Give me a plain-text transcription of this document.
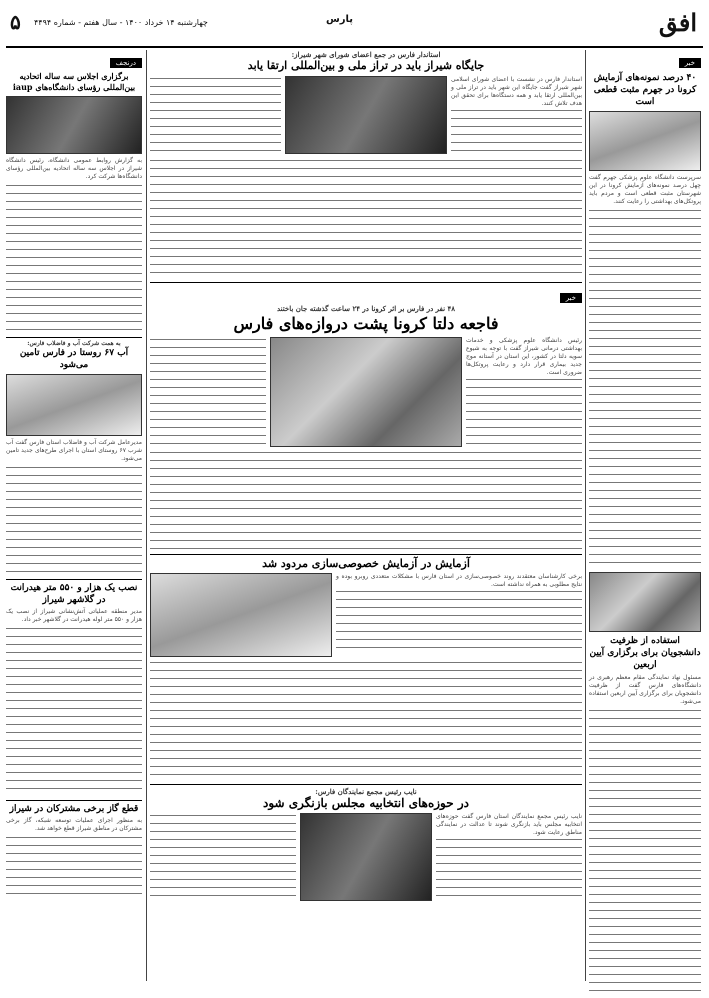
افق
پارس
چهارشنبه ۱۴ خرداد ۱۴۰۰ - سال هفتم - شماره ۴۴۹۴
۵
خبر
۴۰ درصد نمونه‌های آزمایش کرونا در جهرم مثبت قطعی است
سرپرست دانشگاه علوم پزشکی جهرم گفت چهل درصد نمونه‌های آزمایش کرونا در این شهرستان مثبت قطعی است و مردم باید پروتکل‌های بهداشتی را رعایت کنند.
استفاده از ظرفیت دانشجویان برای برگزاری آیین اربعین
مسئول نهاد نمایندگی مقام معظم رهبری در دانشگاه‌های فارس گفت از ظرفیت دانشجویان برای برگزاری آیین اربعین استفاده می‌شود.
استاندار فارس در جمع اعضای شورای شهر شیراز:
جایگاه شیراز باید در تراز ملی و بین‌المللی ارتقا یابد
استاندار فارس در نشست با اعضای شورای اسلامی شهر شیراز گفت جایگاه این شهر باید در تراز ملی و بین‌المللی ارتقا یابد و همه دستگاه‌ها برای تحقق این هدف تلاش کنند.
خبر
۴۸ نفر در فارس بر اثر کرونا در ۲۴ ساعت گذشته جان باختند
فاجعه دلتا کرونا پشت دروازه‌های فارس
رئیس دانشگاه علوم پزشکی و خدمات بهداشتی درمانی شیراز گفت با توجه به شیوع سویه دلتا در کشور، این استان در آستانه موج جدید بیماری قرار دارد و رعایت پروتکل‌ها ضروری است.
آزمایش در آزمایش خصوصی‌سازی مردود شد
برخی کارشناسان معتقدند روند خصوصی‌سازی در استان فارس با مشکلات متعددی روبرو بوده و نتایج مطلوبی به همراه نداشته است.
نایب رئیس مجمع نمایندگان فارس:
در حوزه‌های انتخابیه مجلس بازنگری شود
نایب رئیس مجمع نمایندگان استان فارس گفت حوزه‌های انتخابیه مجلس باید بازنگری شوند تا عدالت در نمایندگی مناطق رعایت شود.
درنجف
برگزاری اجلاس سه ساله اتحادیه بین‌المللی رؤسای دانشگاه‌های iaup
به گزارش روابط عمومی دانشگاه، رئیس دانشگاه شیراز در اجلاس سه ساله اتحادیه بین‌المللی رؤسای دانشگاه‌ها شرکت کرد.
به همت شرکت آب و فاضلاب فارس:
آب ۶۷ روستا در فارس تامین می‌شود
مدیرعامل شرکت آب و فاضلاب استان فارس گفت آب شرب ۶۷ روستای استان با اجرای طرح‌های جدید تامین می‌شود.
نصب یک هزار و ۵۵۰ متر هیدرانت در گلاشهر شیراز
مدیر منطقه عملیاتی آتش‌نشانی شیراز از نصب یک هزار و ۵۵۰ متر لوله هیدرانت در گلاشهر خبر داد.
قطع گاز برخی مشترکان در شیراز
به منظور اجرای عملیات توسعه شبکه، گاز برخی مشترکان در مناطق شیراز قطع خواهد شد.
